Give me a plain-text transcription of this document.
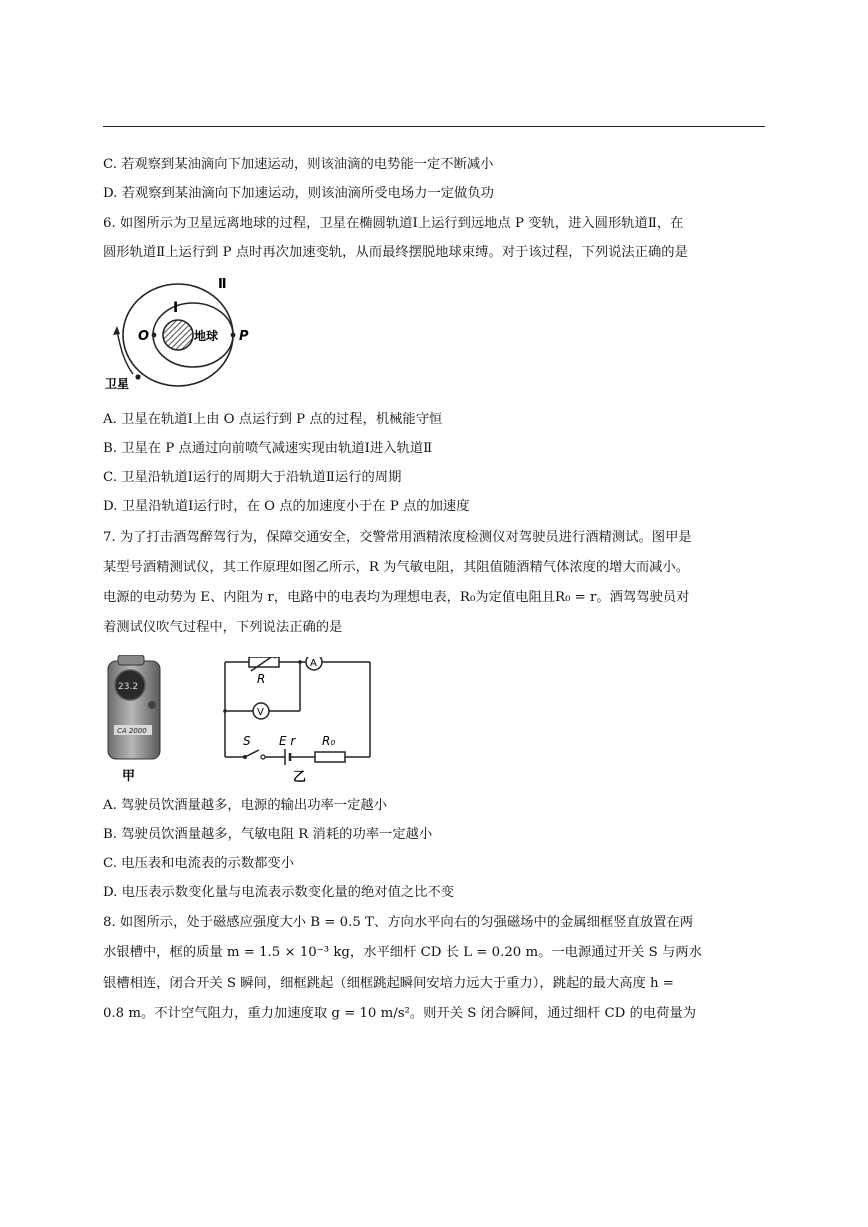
C. 若观察到某油滴向下加速运动，则该油滴的电势能一定不断减小
D. 若观察到某油滴向下加速运动，则该油滴所受电场力一定做负功
6. 如图所示为卫星远离地球的过程，卫星在椭圆轨道Ⅰ上运行到远地点 P 变轨，进入圆形轨道Ⅱ，在
圆形轨道Ⅱ上运行到 P 点时再次加速变轨，从而最终摆脱地球束缚。对于该过程，下列说法正确的是
Ⅰ
Ⅱ
O	P
地球
卫星
A. 卫星在轨道Ⅰ上由 O 点运行到 P 点的过程，机械能守恒
B. 卫星在 P 点通过向前喷气减速实现由轨道Ⅰ进入轨道Ⅱ
C. 卫星沿轨道Ⅰ运行的周期大于沿轨道Ⅱ运行的周期
D. 卫星沿轨道Ⅰ运行时，在 O 点的加速度小于在 P 点的加速度
7. 为了打击酒驾醉驾行为，保障交通安全，交警常用酒精浓度检测仪对驾驶员进行酒精测试。图甲是
某型号酒精测试仪，其工作原理如图乙所示，R 为气敏电阻，其阻值随酒精气体浓度的增大而减小。
电源的电动势为 E、内阻为 r，电路中的电表均为理想电表，R₀为定值电阻且R₀ = r。酒驾驾驶员对
着测试仪吹气过程中，下列说法正确的是
23.2
CA 2000
甲
R
A
V
S E r R₀
乙
A. 驾驶员饮酒量越多，电源的输出功率一定越小
B. 驾驶员饮酒量越多，气敏电阻 R 消耗的功率一定越小
C. 电压表和电流表的示数都变小
D. 电压表示数变化量与电流表示数变化量的绝对值之比不变
8. 如图所示，处于磁感应强度大小 B = 0.5 T、方向水平向右的匀强磁场中的金属细框竖直放置在两
水银槽中，框的质量 m = 1.5 × 10⁻³ kg，水平细杆 CD 长 L = 0.20 m。一电源通过开关 S 与两水
银槽相连，闭合开关 S 瞬间，细框跳起（细框跳起瞬间安培力远大于重力），跳起的最大高度 h =
0.8 m。不计空气阻力，重力加速度取 g = 10 m/s²。则开关 S 闭合瞬间，通过细杆 CD 的电荷量为
